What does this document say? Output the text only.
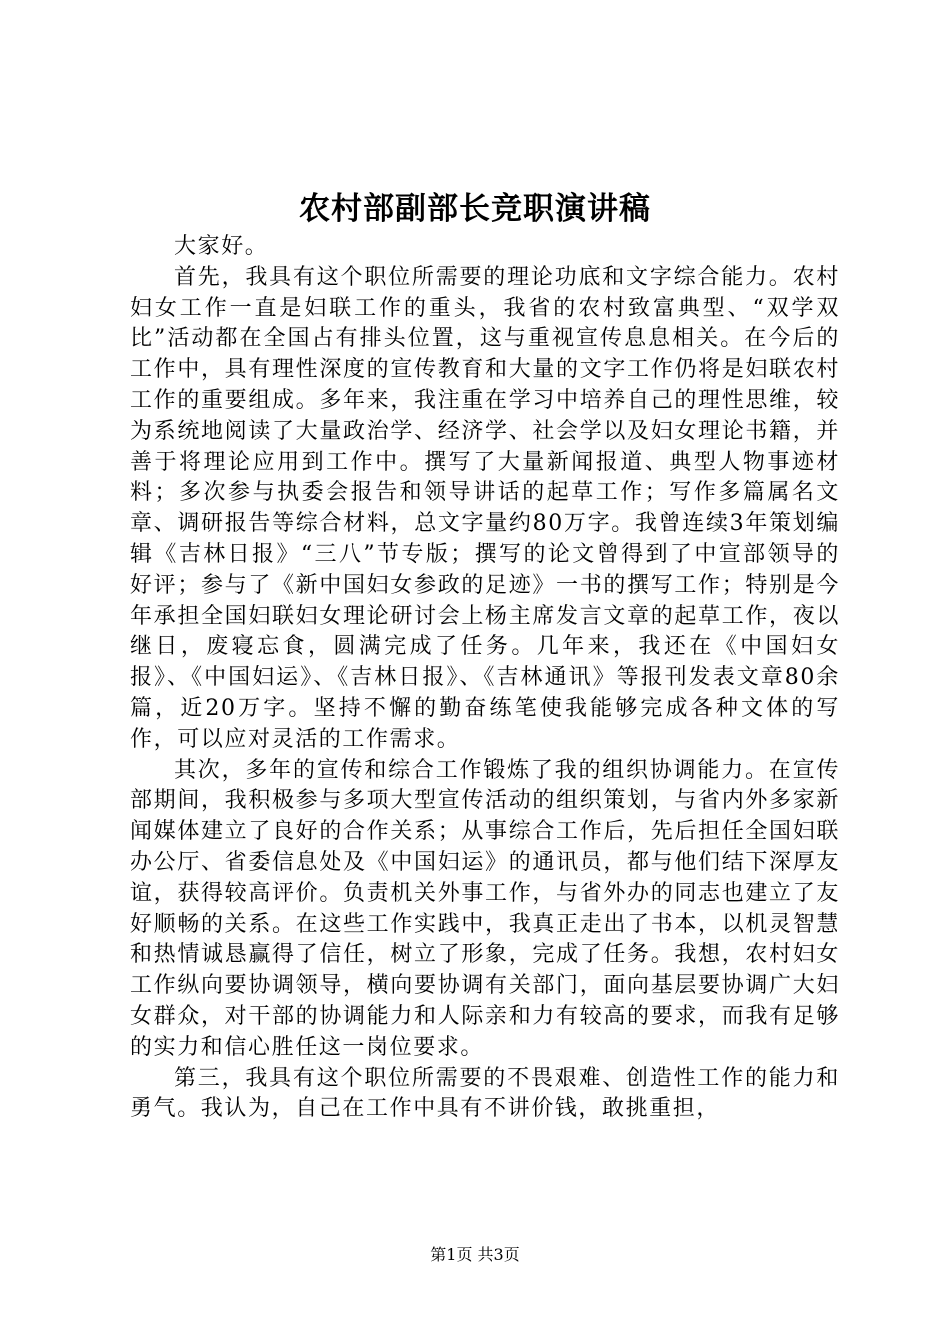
农村部副部长竞职演讲稿

大家好。

首先，我具有这个职位所需要的理论功底和文字综合能力。农村妇女工作一直是妇联工作的重头，我省的农村致富典型、“双学双比”活动都在全国占有排头位置，这与重视宣传息息相关。在今后的工作中，具有理性深度的宣传教育和大量的文字工作仍将是妇联农村工作的重要组成。多年来，我注重在学习中培养自己的理性思维，较为系统地阅读了大量政治学、经济学、社会学以及妇女理论书籍，并善于将理论应用到工作中。撰写了大量新闻报道、典型人物事迹材料；多次参与执委会报告和领导讲话的起草工作；写作多篇属名文章、调研报告等综合材料，总文字量约80万字。我曾连续3年策划编辑《吉林日报》“三八”节专版；撰写的论文曾得到了中宣部领导的好评；参与了《新中国妇女参政的足迹》一书的撰写工作；特别是今年承担全国妇联妇女理论研讨会上杨主席发言文章的起草工作，夜以继日，废寝忘食，圆满完成了任务。几年来，我还在《中国妇女报》、《中国妇运》、《吉林日报》、《吉林通讯》等报刊发表文章80余篇，近20万字。坚持不懈的勤奋练笔使我能够完成各种文体的写作，可以应对灵活的工作需求。

其次，多年的宣传和综合工作锻炼了我的组织协调能力。在宣传部期间，我积极参与多项大型宣传活动的组织策划，与省内外多家新闻媒体建立了良好的合作关系；从事综合工作后，先后担任全国妇联办公厅、省委信息处及《中国妇运》的通讯员，都与他们结下深厚友谊，获得较高评价。负责机关外事工作，与省外办的同志也建立了友好顺畅的关系。在这些工作实践中，我真正走出了书本，以机灵智慧和热情诚恳赢得了信任，树立了形象，完成了任务。我想，农村妇女工作纵向要协调领导，横向要协调有关部门，面向基层要协调广大妇女群众，对干部的协调能力和人际亲和力有较高的要求，而我有足够的实力和信心胜任这一岗位要求。

第三，我具有这个职位所需要的不畏艰难、创造性工作的能力和勇气。我认为，自己在工作中具有不讲价钱，敢挑重担，

第1页 共3页
